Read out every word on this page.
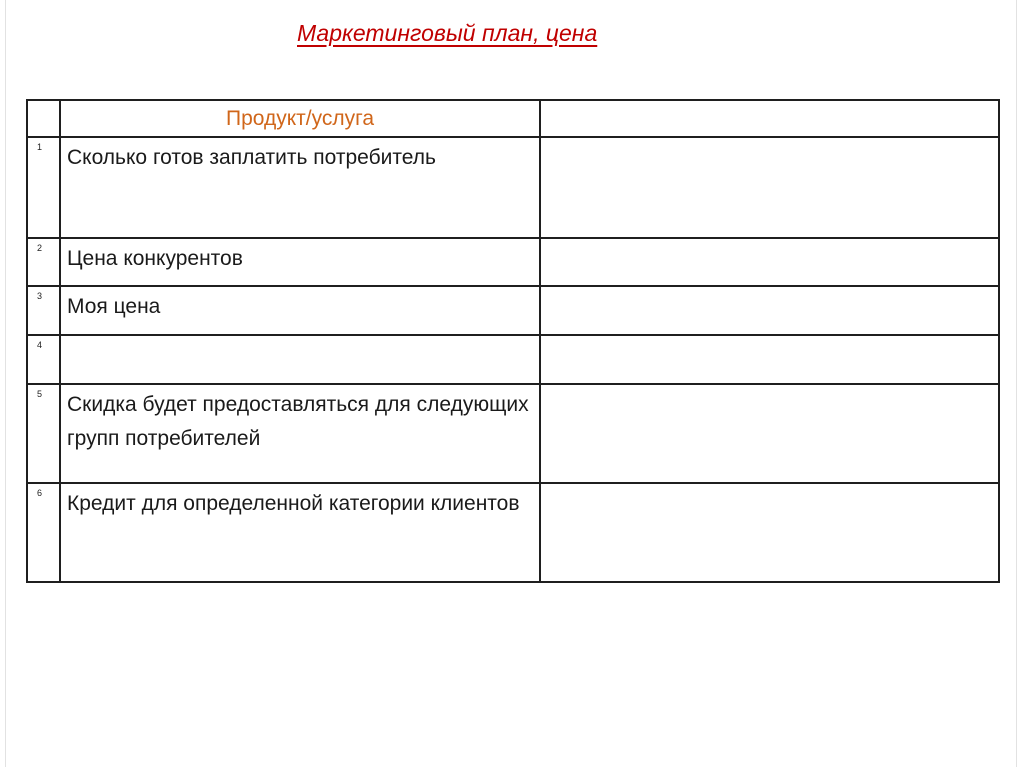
Маркетинговый план, цена
	Продукт/услуга	
1	Сколько готов заплатить потребитель	
2	Цена конкурентов	
3	Моя цена	
4		
5	Скидка будет предоставляться для следующих групп потребителей	
6	Кредит для определенной категории клиентов	
